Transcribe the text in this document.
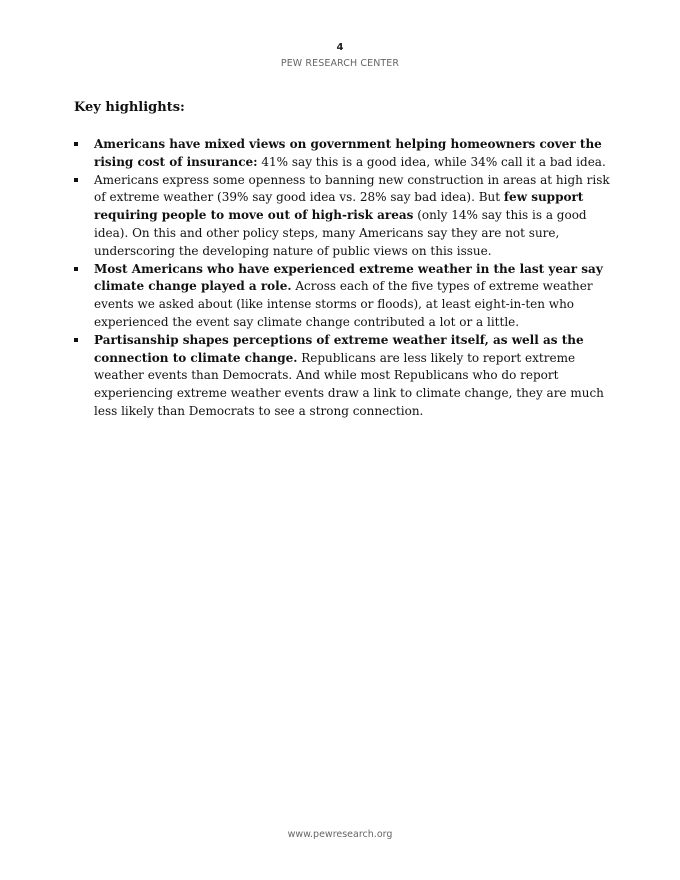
4
PEW RESEARCH CENTER
Key highlights:
Americans have mixed views on government helping homeowners cover the rising cost of insurance: 41% say this is a good idea, while 34% call it a bad idea.
Americans express some openness to banning new construction in areas at high risk of extreme weather (39% say good idea vs. 28% say bad idea). But few support requiring people to move out of high-risk areas (only 14% say this is a good idea). On this and other policy steps, many Americans say they are not sure, underscoring the developing nature of public views on this issue.
Most Americans who have experienced extreme weather in the last year say climate change played a role. Across each of the five types of extreme weather events we asked about (like intense storms or floods), at least eight-in-ten who experienced the event say climate change contributed a lot or a little.
Partisanship shapes perceptions of extreme weather itself, as well as the connection to climate change. Republicans are less likely to report extreme weather events than Democrats. And while most Republicans who do report experiencing extreme weather events draw a link to climate change, they are much less likely than Democrats to see a strong connection.
www.pewresearch.org
